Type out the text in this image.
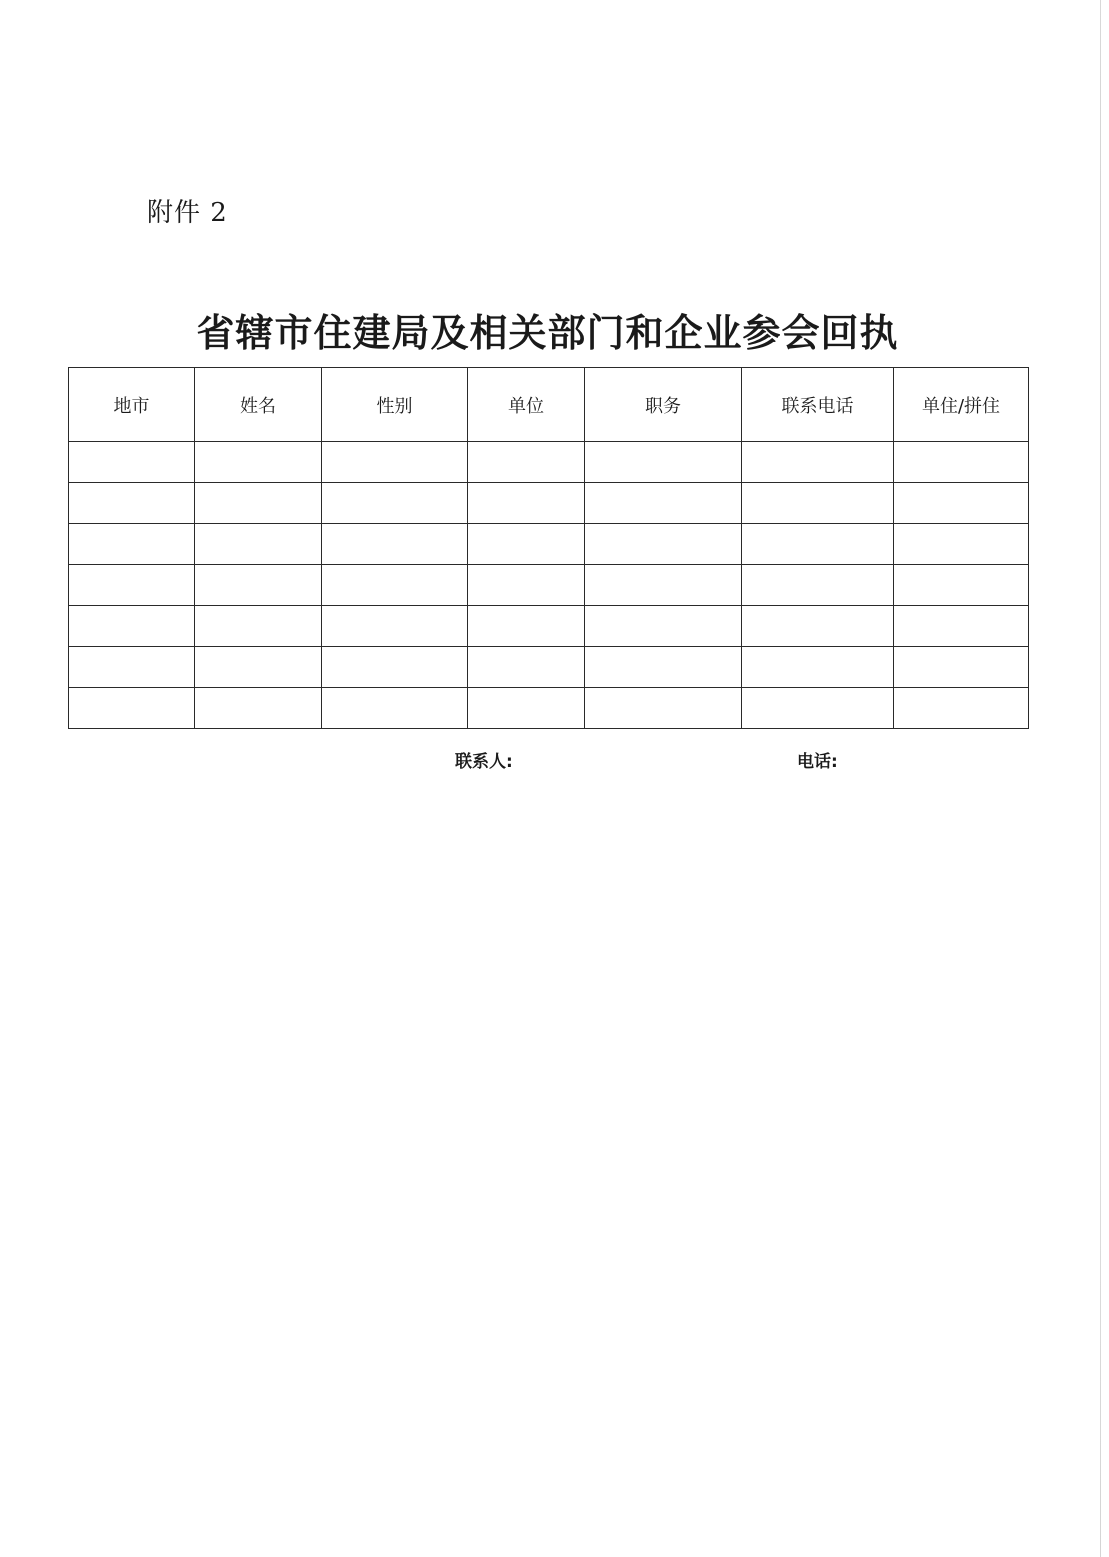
附件 2
省辖市住建局及相关部门和企业参会回执
地市	姓名	性别	单位	职务	联系电话	单住/拼住

联系人:	电话:
